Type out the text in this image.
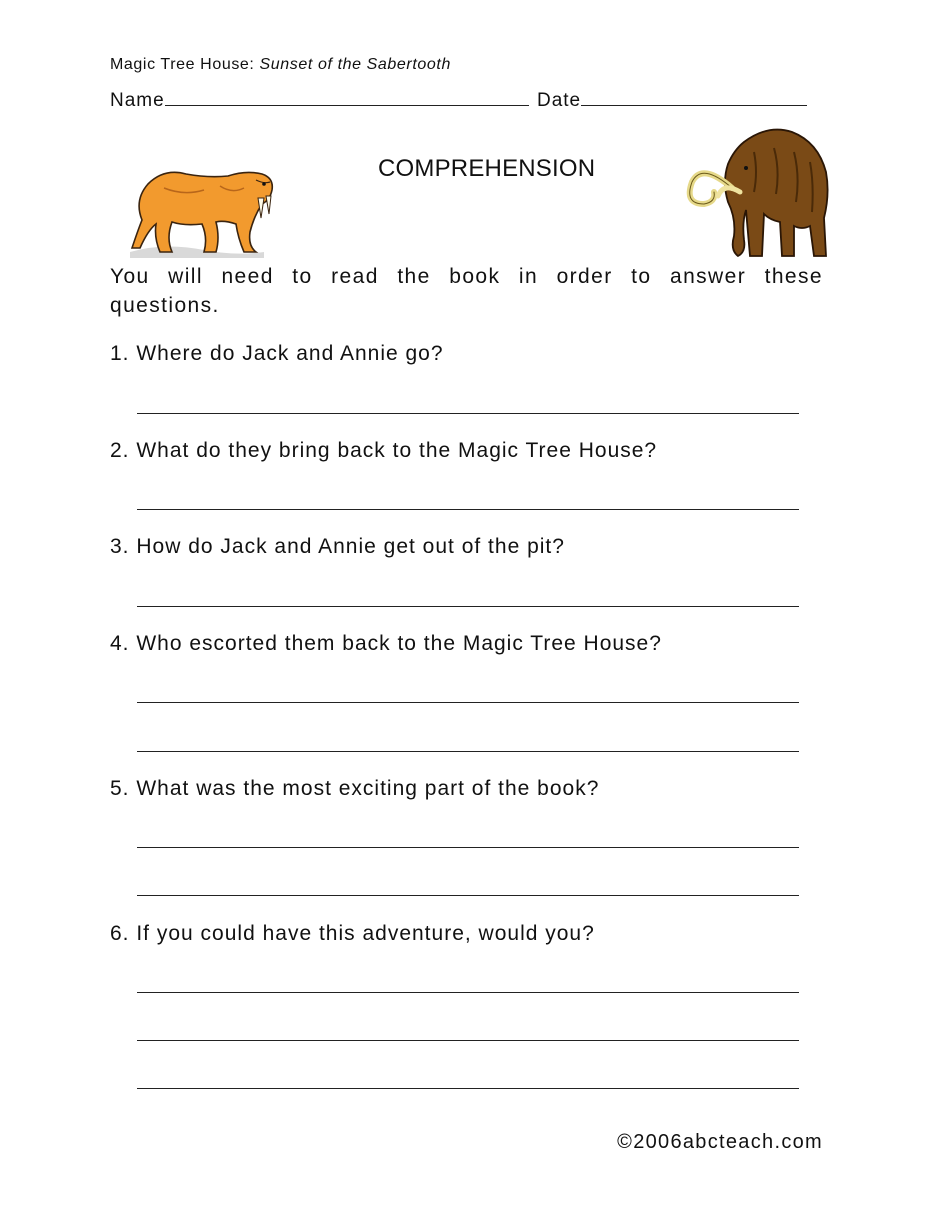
Magic Tree House: Sunset of the Sabertooth
Name	Date
COMPREHENSION
You will need to read the book in order to answer these questions.
1. Where do Jack and Annie go?
2. What do they bring back to the Magic Tree House?
3. How do Jack and Annie get out of the pit?
4. Who escorted them back to the Magic Tree House?
5. What was the most exciting part of the book?
6. If you could have this adventure, would you?
©2006abcteach.com
